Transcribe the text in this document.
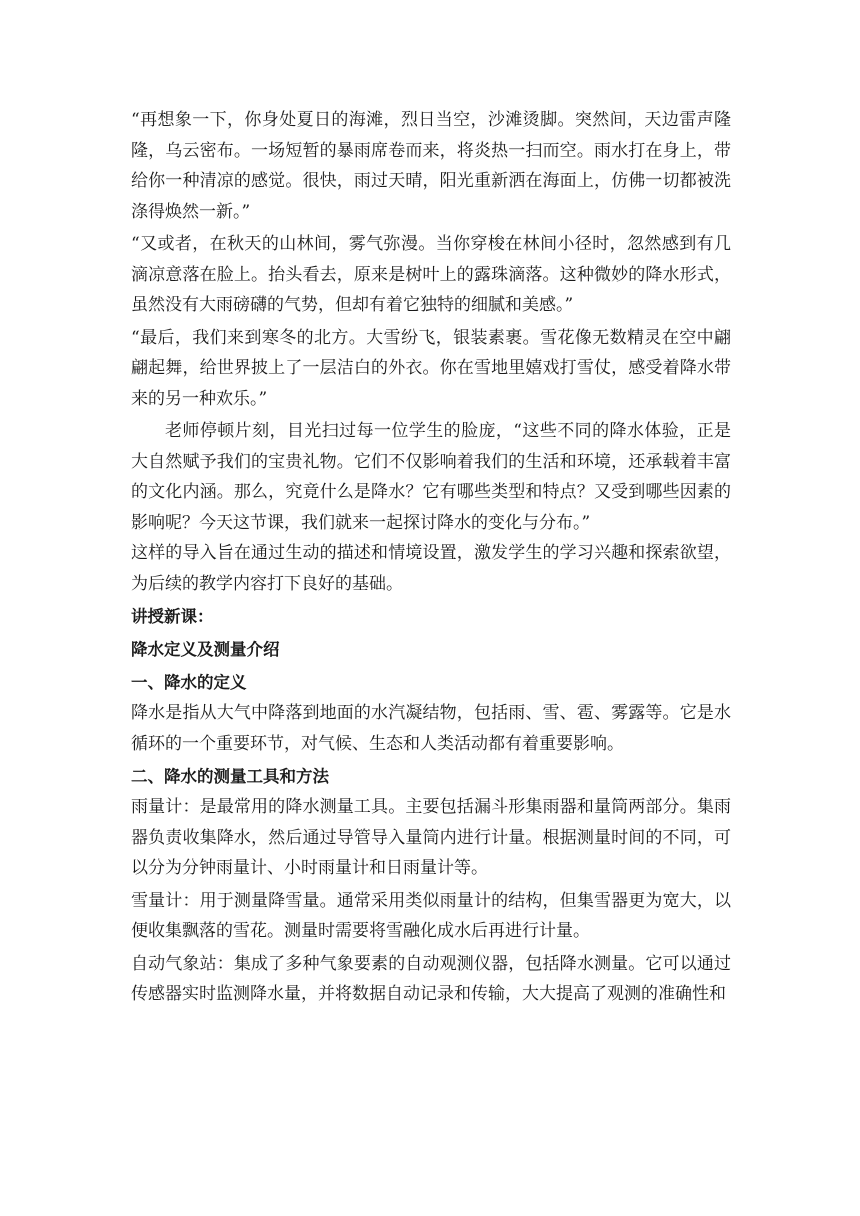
“再想象一下，你身处夏日的海滩，烈日当空，沙滩烫脚。突然间，天边雷声隆隆，乌云密布。一场短暂的暴雨席卷而来，将炎热一扫而空。雨水打在身上，带给你一种清凉的感觉。很快，雨过天晴，阳光重新洒在海面上，仿佛一切都被洗涤得焕然一新。”

“又或者，在秋天的山林间，雾气弥漫。当你穿梭在林间小径时，忽然感到有几滴凉意落在脸上。抬头看去，原来是树叶上的露珠滴落。这种微妙的降水形式，虽然没有大雨磅礴的气势，但却有着它独特的细腻和美感。”

“最后，我们来到寒冬的北方。大雪纷飞，银装素裹。雪花像无数精灵在空中翩翩起舞，给世界披上了一层洁白的外衣。你在雪地里嬉戏打雪仗，感受着降水带来的另一种欢乐。”

老师停顿片刻，目光扫过每一位学生的脸庞，“这些不同的降水体验，正是大自然赋予我们的宝贵礼物。它们不仅影响着我们的生活和环境，还承载着丰富的文化内涵。那么，究竟什么是降水？它有哪些类型和特点？又受到哪些因素的影响呢？今天这节课，我们就来一起探讨降水的变化与分布。”

这样的导入旨在通过生动的描述和情境设置，激发学生的学习兴趣和探索欲望，为后续的教学内容打下良好的基础。

讲授新课：

降水定义及测量介绍

一、降水的定义

降水是指从大气中降落到地面的水汽凝结物，包括雨、雪、雹、雾露等。它是水循环的一个重要环节，对气候、生态和人类活动都有着重要影响。

二、降水的测量工具和方法

雨量计：是最常用的降水测量工具。主要包括漏斗形集雨器和量筒两部分。集雨器负责收集降水，然后通过导管导入量筒内进行计量。根据测量时间的不同，可以分为分钟雨量计、小时雨量计和日雨量计等。

雪量计：用于测量降雪量。通常采用类似雨量计的结构，但集雪器更为宽大，以便收集飘落的雪花。测量时需要将雪融化成水后再进行计量。

自动气象站：集成了多种气象要素的自动观测仪器，包括降水测量。它可以通过传感器实时监测降水量，并将数据自动记录和传输，大大提高了观测的准确性和
